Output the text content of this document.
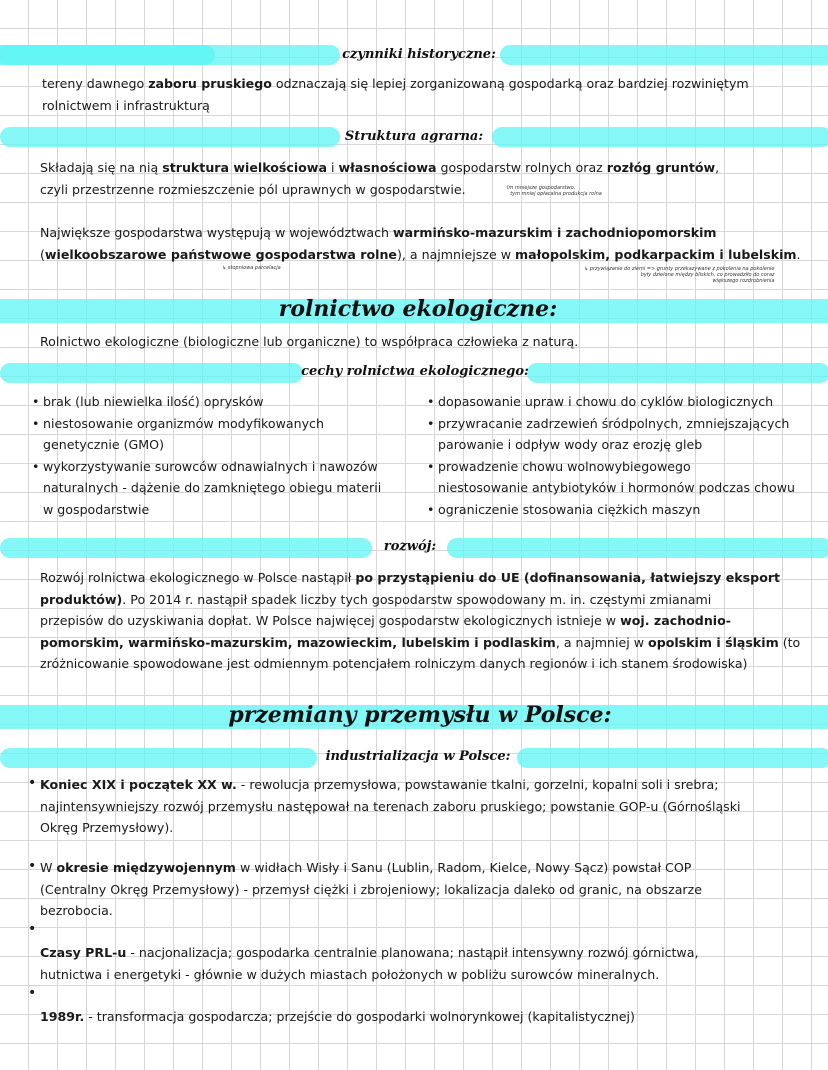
czynniki historyczne:
tereny dawnego zaboru pruskiego odznaczają się lepiej zorganizowaną gospodarką oraz bardziej rozwiniętym
rolnictwem i infrastrukturą
Struktura agrarna:
Składają się na nią struktura wielkościowa i własnościowa gospodarstw rolnych oraz rozłóg gruntów,
czyli przestrzenne rozmieszczenie pól uprawnych w gospodarstwie.	Im mniejsze gospodarstwo,
tym mniej opłacalna produkcja rolna
Największe gospodarstwa występują w województwach warmińsko-mazurskim i zachodniopomorskim
(wielkoobszarowe państwowe gospodarstwa rolne), a najmniejsze w małopolskim, podkarpackim i lubelskim.
↳ stopniowa parcelacja	↳ przywiązanie do ziemi => grunty przekazywane z pokolenia na pokolenie
były dzielone między bliskich, co prowadziło do coraz
większego rozdrobnienia
rolnictwo ekologiczne:
Rolnictwo ekologiczne (biologiczne lub organiczne) to współpraca człowieka z naturą.
cechy rolnictwa ekologicznego:
• brak (lub niewielka ilość) oprysków
• niestosowanie organizmów modyfikowanych
genetycznie (GMO)
• wykorzystywanie surowców odnawialnych i nawozów
naturalnych - dążenie do zamkniętego obiegu materii
w gospodarstwie
• dopasowanie upraw i chowu do cyklów biologicznych
• przywracanie zadrzewień śródpolnych, zmniejszających
parowanie i odpływ wody oraz erozję gleb
• prowadzenie chowu wolnowybiegowego
niestosowanie antybiotyków i hormonów podczas chowu
• ograniczenie stosowania ciężkich maszyn
rozwój:
Rozwój rolnictwa ekologicznego w Polsce nastąpił po przystąpieniu do UE (dofinansowania, łatwiejszy eksport
produktów). Po 2014 r. nastąpił spadek liczby tych gospodarstw spowodowany m. in. częstymi zmianami
przepisów do uzyskiwania dopłat. W Polsce najwięcej gospodarstw ekologicznych istnieje w woj. zachodnio-
pomorskim, warmińsko-mazurskim, mazowieckim, lubelskim i podlaskim, a najmniej w opolskim i śląskim (to
zróżnicowanie spowodowane jest odmiennym potencjałem rolniczym danych regionów i ich stanem środowiska)
przemiany przemysłu w Polsce:
industrializacja w Polsce:
• Koniec XIX i początek XX w. - rewolucja przemysłowa, powstawanie tkalni, gorzelni, kopalni soli i srebra;
najintensywniejszy rozwój przemysłu następował na terenach zaboru pruskiego; powstanie GOP-u (Górnośląski
Okręg Przemysłowy).
• W okresie międzywojennym w widłach Wisły i Sanu (Lublin, Radom, Kielce, Nowy Sącz) powstał COP
(Centralny Okręg Przemysłowy) - przemysł ciężki i zbrojeniowy; lokalizacja daleko od granic, na obszarze
bezrobocia.
•
Czasy PRL-u - nacjonalizacja; gospodarka centralnie planowana; nastąpił intensywny rozwój górnictwa,
hutnictwa i energetyki - głównie w dużych miastach położonych w pobliżu surowców mineralnych.
•
1989r. - transformacja gospodarcza; przejście do gospodarki wolnorynkowej (kapitalistycznej)
